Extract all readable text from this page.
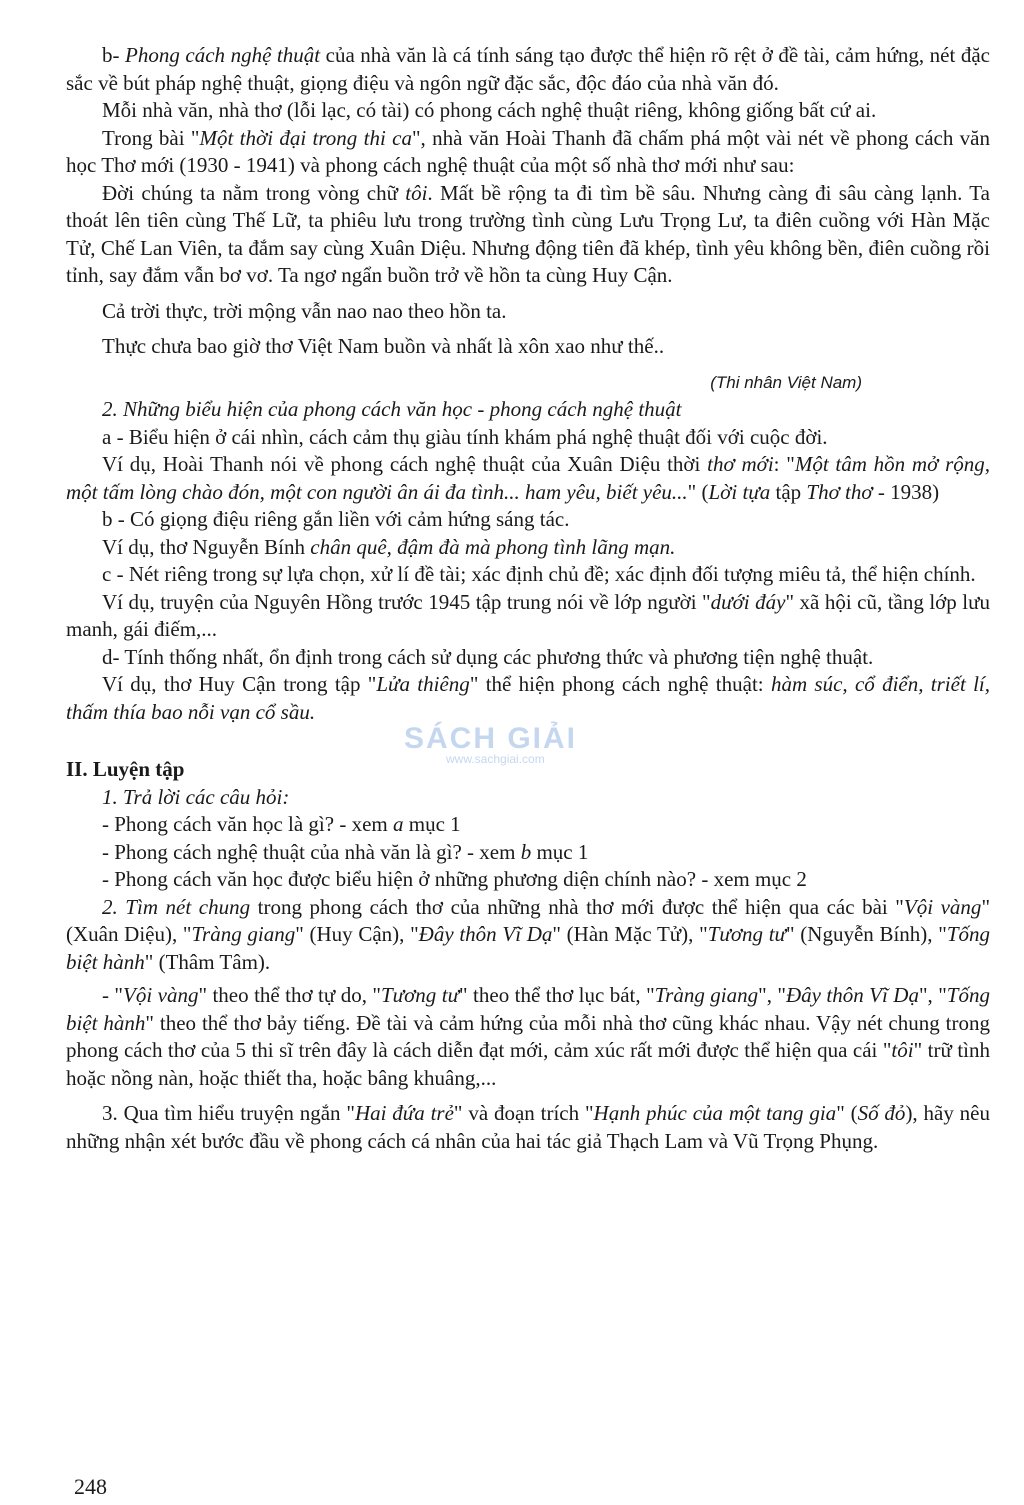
b- Phong cách nghệ thuật của nhà văn là cá tính sáng tạo được thể hiện rõ rệt ở đề tài, cảm hứng, nét đặc sắc về bút pháp nghệ thuật, giọng điệu và ngôn ngữ đặc sắc, độc đáo của nhà văn đó.

Mỗi nhà văn, nhà thơ (lỗi lạc, có tài) có phong cách nghệ thuật riêng, không giống bất cứ ai.

Trong bài "Một thời đại trong thi ca", nhà văn Hoài Thanh đã chấm phá một vài nét về phong cách văn học Thơ mới (1930 - 1941) và phong cách nghệ thuật của một số nhà thơ mới như sau:

Đời chúng ta nằm trong vòng chữ tôi. Mất bề rộng ta đi tìm bề sâu. Nhưng càng đi sâu càng lạnh. Ta thoát lên tiên cùng Thế Lữ, ta phiêu lưu trong trường tình cùng Lưu Trọng Lư, ta điên cuồng với Hàn Mặc Tử, Chế Lan Viên, ta đắm say cùng Xuân Diệu. Nhưng động tiên đã khép, tình yêu không bền, điên cuồng rồi tỉnh, say đắm vẫn bơ vơ. Ta ngơ ngẩn buồn trở về hồn ta cùng Huy Cận.

Cả trời thực, trời mộng vẫn nao nao theo hồn ta.

Thực chưa bao giờ thơ Việt Nam buồn và nhất là xôn xao như thế..

(Thi nhân Việt Nam)

2. Những biểu hiện của phong cách văn học - phong cách nghệ thuật

a - Biểu hiện ở cái nhìn, cách cảm thụ giàu tính khám phá nghệ thuật đối với cuộc đời.

Ví dụ, Hoài Thanh nói về phong cách nghệ thuật của Xuân Diệu thời thơ mới: "Một tâm hồn mở rộng, một tấm lòng chào đón, một con người ân ái đa tình... ham yêu, biết yêu..." (Lời tựa tập Thơ thơ - 1938)

b - Có giọng điệu riêng gắn liền với cảm hứng sáng tác.

Ví dụ, thơ Nguyễn Bính chân quê, đậm đà mà phong tình lãng mạn.

c - Nét riêng trong sự lựa chọn, xử lí đề tài; xác định chủ đề; xác định đối tượng miêu tả, thể hiện chính.

Ví dụ, truyện của Nguyên Hồng trước 1945 tập trung nói về lớp người "dưới đáy" xã hội cũ, tầng lớp lưu manh, gái điếm,...

d- Tính thống nhất, ổn định trong cách sử dụng các phương thức và phương tiện nghệ thuật.

Ví dụ, thơ Huy Cận trong tập "Lửa thiêng" thể hiện phong cách nghệ thuật: hàm súc, cổ điển, triết lí, thấm thía bao nỗi vạn cổ sầu.

II. Luyện tập

1. Trả lời các câu hỏi:

- Phong cách văn học là gì? - xem a mục 1

- Phong cách nghệ thuật của nhà văn là gì? - xem b mục 1

- Phong cách văn học được biểu hiện ở những phương diện chính nào? - xem mục 2

2. Tìm nét chung trong phong cách thơ của những nhà thơ mới được thể hiện qua các bài "Vội vàng" (Xuân Diệu), "Tràng giang" (Huy Cận), "Đây thôn Vĩ Dạ" (Hàn Mặc Tử), "Tương tư" (Nguyễn Bính), "Tống biệt hành" (Thâm Tâm).

- "Vội vàng" theo thể thơ tự do, "Tương tư" theo thể thơ lục bát, "Tràng giang", "Đây thôn Vĩ Dạ", "Tống biệt hành" theo thể thơ bảy tiếng. Đề tài và cảm hứng của mỗi nhà thơ cũng khác nhau. Vậy nét chung trong phong cách thơ của 5 thi sĩ trên đây là cách diễn đạt mới, cảm xúc rất mới được thể hiện qua cái "tôi" trữ tình hoặc nồng nàn, hoặc thiết tha, hoặc bâng khuâng,...

3. Qua tìm hiểu truyện ngắn "Hai đứa trẻ" và đoạn trích "Hạnh phúc của một tang gia" (Số đỏ), hãy nêu những nhận xét bước đầu về phong cách cá nhân của hai tác giả Thạch Lam và Vũ Trọng Phụng.

SÁCH GIẢI
www.sachgiai.com
248
